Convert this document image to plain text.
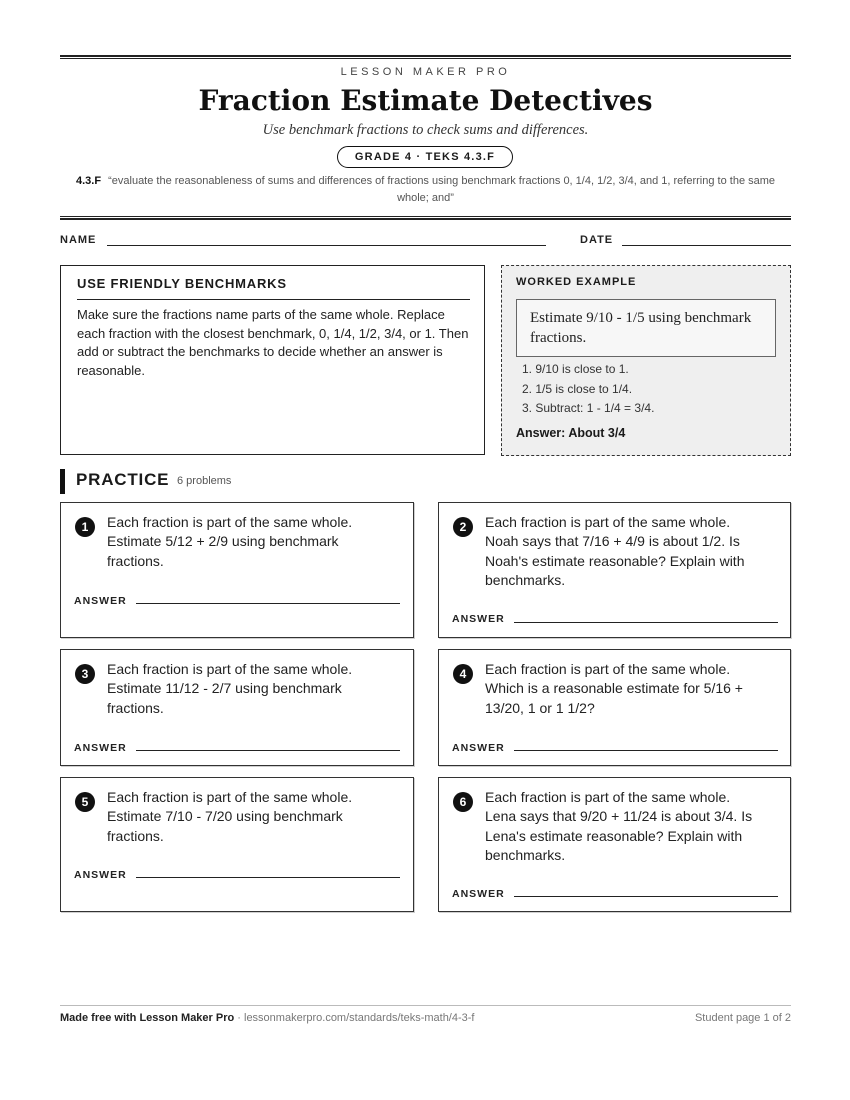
LESSON MAKER PRO
Fraction Estimate Detectives
Use benchmark fractions to check sums and differences.
GRADE 4 · TEKS 4.3.F
4.3.F “evaluate the reasonableness of sums and differences of fractions using benchmark fractions 0, 1/4, 1/2, 3/4, and 1, referring to the same whole; and”
NAME	DATE
USE FRIENDLY BENCHMARKS

Make sure the fractions name parts of the same whole. Replace each fraction with the closest benchmark, 0, 1/4, 1/2, 3/4, or 1. Then add or subtract the benchmarks to decide whether an answer is reasonable.

WORKED EXAMPLE
Estimate 9/10 - 1/5 using benchmark fractions.
1. 9/10 is close to 1.
2. 1/5 is close to 1/4.
3. Subtract: 1 - 1/4 = 3/4.
Answer: About 3/4
PRACTICE 6 problems
1	Each fraction is part of the same whole. Estimate 5/12 + 2/9 using benchmark fractions.
ANSWER
2	Each fraction is part of the same whole. Noah says that 7/16 + 4/9 is about 1/2. Is Noah's estimate reasonable? Explain with benchmarks.
ANSWER
3	Each fraction is part of the same whole. Estimate 11/12 - 2/7 using benchmark fractions.
ANSWER
4	Each fraction is part of the same whole. Which is a reasonable estimate for 5/16 + 13/20, 1 or 1 1/2?
ANSWER
5	Each fraction is part of the same whole. Estimate 7/10 - 7/20 using benchmark fractions.
ANSWER
6	Each fraction is part of the same whole. Lena says that 9/20 + 11/24 is about 3/4. Is Lena's estimate reasonable? Explain with benchmarks.
ANSWER
Made free with Lesson Maker Pro · lessonmakerpro.com/standards/teks-math/4-3-f	Student page 1 of 2
